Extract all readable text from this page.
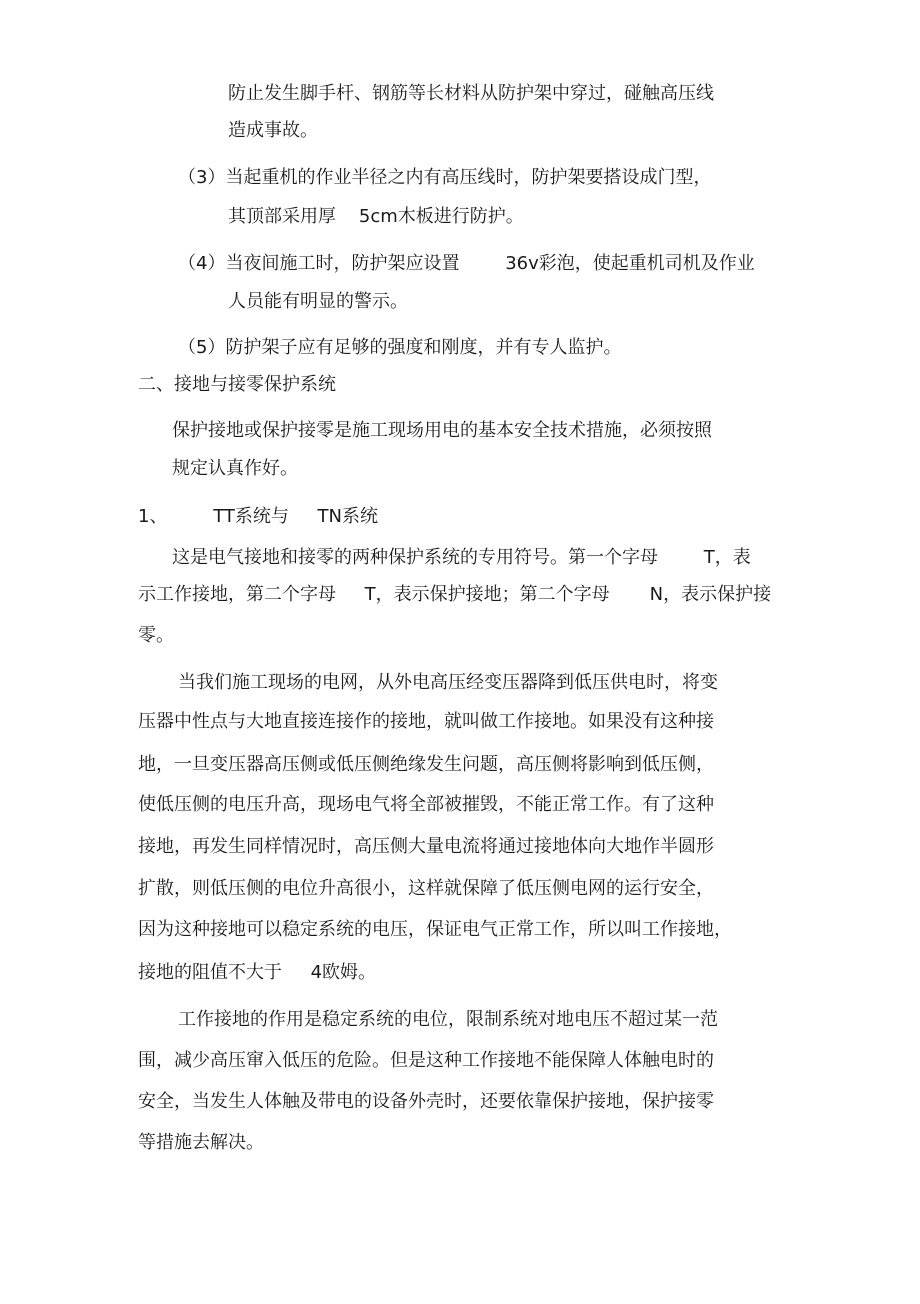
防止发生脚手杆、钢筋等长材料从防护架中穿过，碰触高压线
造成事故。
（3）当起重机的作业半径之内有高压线时，防护架要搭设成门型，
其顶部采用厚    5cm木板进行防护。
（4）当夜间施工时，防护架应设置        36v彩泡，使起重机司机及作业
人员能有明显的警示。
（5）防护架子应有足够的强度和刚度，并有专人监护。
二、接地与接零保护系统
保护接地或保护接零是施工现场用电的基本安全技术措施，必须按照
规定认真作好。
1、        TT系统与     TN系统
这是电气接地和接零的两种保护系统的专用符号。第一个字母        T，表
示工作接地，第二个字母     T，表示保护接地；第二个字母       N，表示保护接
零。
当我们施工现场的电网，从外电高压经变压器降到低压供电时，将变
压器中性点与大地直接连接作的接地，就叫做工作接地。如果没有这种接
地，一旦变压器高压侧或低压侧绝缘发生问题，高压侧将影响到低压侧，
使低压侧的电压升高，现场电气将全部被摧毁，不能正常工作。有了这种
接地，再发生同样情况时，高压侧大量电流将通过接地体向大地作半圆形
扩散，则低压侧的电位升高很小，这样就保障了低压侧电网的运行安全，
因为这种接地可以稳定系统的电压，保证电气正常工作，所以叫工作接地，
接地的阻值不大于     4欧姆。
工作接地的作用是稳定系统的电位，限制系统对地电压不超过某一范
围，减少高压窜入低压的危险。但是这种工作接地不能保障人体触电时的
安全，当发生人体触及带电的设备外壳时，还要依靠保护接地，保护接零
等措施去解决。
